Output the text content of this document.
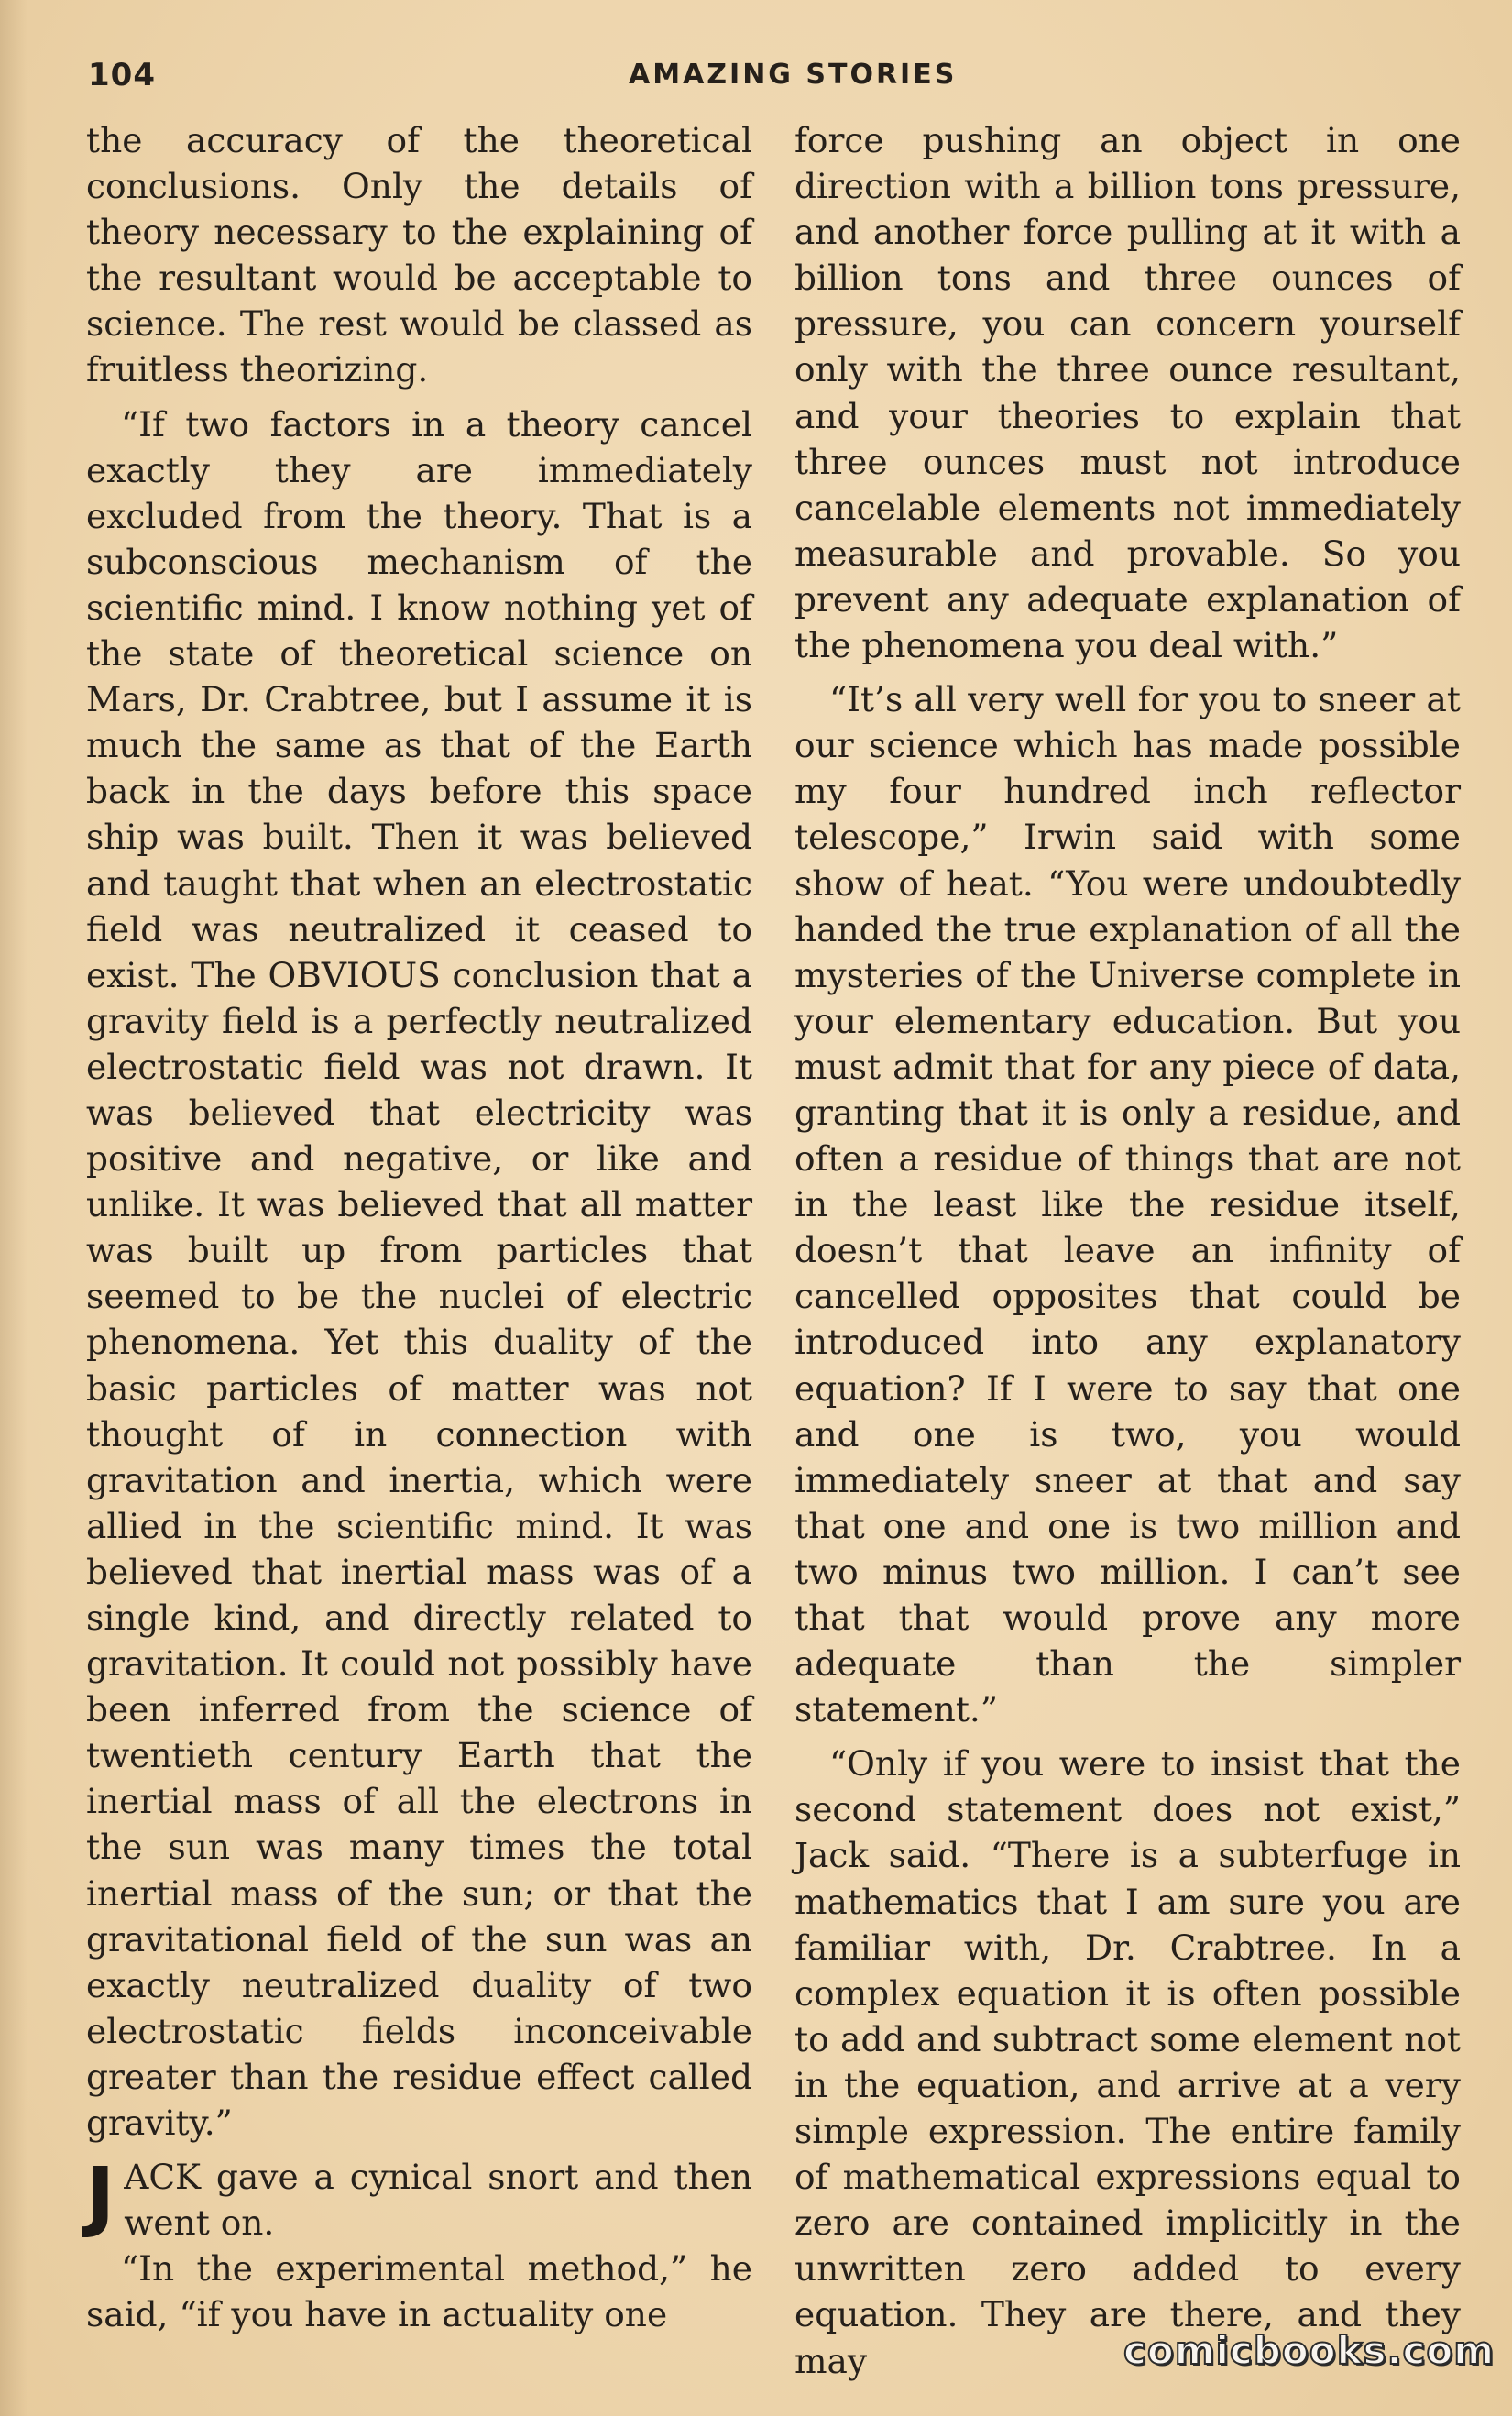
104	AMAZING STORIES

the accuracy of the theoretical conclusions. Only the details of theory necessary to the explaining of the resultant would be acceptable to science. The rest would be classed as fruitless theorizing.

“If two factors in a theory cancel exactly they are immediately excluded from the theory. That is a subconscious mechanism of the scientific mind. I know nothing yet of the state of theoretical science on Mars, Dr. Crabtree, but I assume it is much the same as that of the Earth back in the days before this space ship was built. Then it was believed and taught that when an electrostatic field was neutralized it ceased to exist. The OBVIOUS conclusion that a gravity field is a perfectly neutralized electrostatic field was not drawn. It was believed that electricity was positive and negative, or like and unlike. It was believed that all matter was built up from particles that seemed to be the nuclei of electric phenomena. Yet this duality of the basic particles of matter was not thought of in connection with gravitation and inertia, which were allied in the scientific mind. It was believed that inertial mass was of a single kind, and directly related to gravitation. It could not possibly have been inferred from the science of twentieth century Earth that the inertial mass of all the electrons in the sun was many times the total inertial mass of the sun; or that the gravitational field of the sun was an exactly neutralized duality of two electrostatic fields inconceivable greater than the residue effect called gravity.”

JACK gave a cynical snort and then went on.

“In the experimental method,” he said, “if you have in actuality one

force pushing an object in one direction with a billion tons pressure, and another force pulling at it with a billion tons and three ounces of pressure, you can concern yourself only with the three ounce resultant, and your theories to explain that three ounces must not introduce cancelable elements not immediately measurable and provable. So you prevent any adequate explanation of the phenomena you deal with.”

“It’s all very well for you to sneer at our science which has made possible my four hundred inch reflector telescope,” Irwin said with some show of heat. “You were undoubtedly handed the true explanation of all the mysteries of the Universe complete in your elementary education. But you must admit that for any piece of data, granting that it is only a residue, and often a residue of things that are not in the least like the residue itself, doesn’t that leave an infinity of cancelled opposites that could be introduced into any explanatory equation? If I were to say that one and one is two, you would immediately sneer at that and say that one and one is two million and two minus two million. I can’t see that that would prove any more adequate than the simpler statement.”

“Only if you were to insist that the second statement does not exist,” Jack said. “There is a subterfuge in mathematics that I am sure you are familiar with, Dr. Crabtree. In a complex equation it is often possible to add and subtract some element not in the equation, and arrive at a very simple expression. The entire family of mathematical expressions equal to zero are contained implicitly in the unwritten zero added to every equation. They are there, and they may	comicbooks.com
